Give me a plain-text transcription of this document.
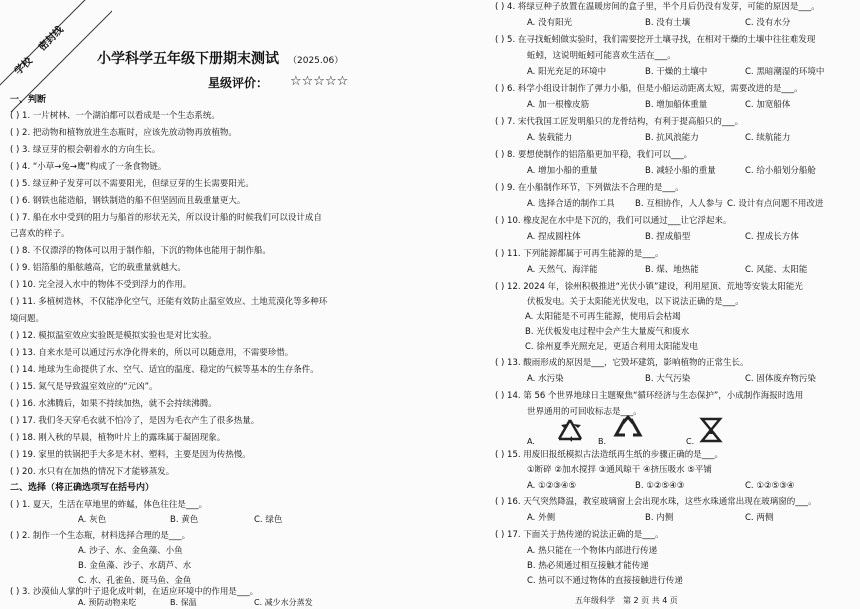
学校    密封线
小学科学五年级下册期末测试 （2025.06）
星级评价： ☆☆☆☆☆
一、判断
( ) 1. 一片树林、一个湖泊都可以看成是一个生态系统。
( ) 2. 把动物和植物放进生态瓶时，应该先放动物再放植物。
( ) 3. 绿豆芽的根会朝着水的方向生长。
( ) 4. “小草→兔→鹰”构成了一条食物链。
( ) 5. 绿豆种子发芽可以不需要阳光，但绿豆芽的生长需要阳光。
( ) 6. 钢铁也能造船，钢铁制造的船不但坚固而且载重量更大。
( ) 7. 船在水中受到的阻力与船首的形状无关，所以设计船的时候我们可以设计成自
己喜欢的样子。
( ) 8. 不仅漂浮的物体可以用于制作船，下沉的物体也能用于制作船。
( ) 9. 铝箔船的船舷越高，它的载重量就越大。
( ) 10. 完全浸入水中的物体不受到浮力的作用。
( ) 11. 多植树造林，不仅能净化空气，还能有效防止温室效应、土地荒漠化等多种环
境问题。
( ) 12. 模拟温室效应实验既是模拟实验也是对比实验。
( ) 13. 自来水是可以通过污水净化得来的，所以可以随意用，不需要珍惜。
( ) 14. 地球为生命提供了水、空气、适宜的温度、稳定的气候等基本的生存条件。
( ) 15. 氮气是导致温室效应的“元凶”。
( ) 16. 水沸腾后，如果不持续加热，就不会持续沸腾。
( ) 17. 我们冬天穿毛衣就不怕冷了，是因为毛衣产生了很多热量。
( ) 18. 刚入秋的早晨，植物叶片上的露珠属于凝固现象。
( ) 19. 家里的铁锅把手大多是木材、塑料，主要是因为传热慢。
( ) 20. 水只有在加热的情况下才能够蒸发。
二、选择（将正确选项写在括号内）
( ) 1. 夏天，生活在草地里的蚱蜢，体色往往是___。
A. 灰色	B. 黄色	C. 绿色
( ) 2. 制作一个生态瓶，材料选择合理的是___。
A. 沙子、水、金鱼藻、小鱼
B. 金鱼藻、沙子、水葫芦、水
C. 水、孔雀鱼、斑马鱼、金鱼
( ) 4. 将绿豆种子放置在温暖房间的盒子里，半个月后仍没有发芽，可能的原因是___。
A. 没有阳光	B. 没有土壤	C. 没有水分
( ) 5. 在寻找蚯蚓做实验时，我们需要挖开土壤寻找，在相对干燥的土壤中往往难发现
蚯蚓，这说明蚯蚓可能喜欢生活在___。
A. 阳光充足的环境中	B. 干燥的土壤中	C. 黑暗潮湿的环境中
( ) 6. 科学小组设计制作了弹力小船，但是小船运动距离太短，需要改进的是___。
A. 加一根橡皮筋	B. 增加船体重量	C. 加宽船体
( ) 7. 宋代我国工匠发明船只的龙骨结构，有利于提高船只的___。
A. 装载能力	B. 抗风浪能力	C. 续航能力
( ) 8. 要想使制作的铝箔船更加平稳，我们可以___。
A. 增加小船的重量	B. 减轻小船的重量	C. 给小船划分船舱
( ) 9. 在小船制作环节，下列做法不合理的是___。
A. 选择合适的制作工具 B. 互相协作，人人参与 C. 设计有点问题不用改进
( ) 10. 橡皮泥在水中是下沉的，我们可以通过___让它浮起来。
A. 捏成圆柱体	B. 捏成船型	C. 捏成长方体
( ) 11. 下列能源都属于可再生能源的是___。
A. 天然气、海洋能	B. 煤、地热能	C. 风能、太阳能
( ) 12. 2024 年，徐州积极推进“光伏小镇”建设，利用屋顶、荒地等安装太阳能光
伏板发电。关于太阳能光伏发电，以下说法正确的是___。
A. 太阳能是不可再生能源，使用后会枯竭
B. 光伏板发电过程中会产生大量废气和废水
C. 徐州夏季光照充足，更适合利用太阳能发电
( ) 13. 酸雨形成的原因是___，它毁坏建筑，影响植物的正常生长。
A. 水污染	B. 大气污染	C. 固体废弃物污染
( ) 14. 第 56 个世界地球日主题聚焦“循环经济与生态保护”，小成制作海报时选用
世界通用的可回收标志是___。
A.	B.	C.
( ) 15. 用废旧报纸模拟古法造纸再生纸的步骤正确的是___。
①断碎 ②加水搅拌 ③通风晾干 ④挤压吸水 ⑤平铺
A. ①②③④⑤	B. ①②⑤④③	C. ①②⑤③④
( ) 16. 天气突然降温，教室玻璃窗上会出现水珠，这些水珠通常出现在玻璃窗的___。
A. 外侧	B. 内侧	C. 两侧
( ) 17. 下面关于热传递的说法正确的是___。
A. 热只能在一个物体内部进行传递
B. 热必须通过相互接触才能传递
C. 热可以不通过物体的直接接触进行传递
五年级科学　第 2 页 共 4 页
( ) 3. 沙漠仙人掌的叶子退化成叶刺，在适应环境中的作用是___。
A. 预防动物来吃	B. 保温	C. 减少水分蒸发
